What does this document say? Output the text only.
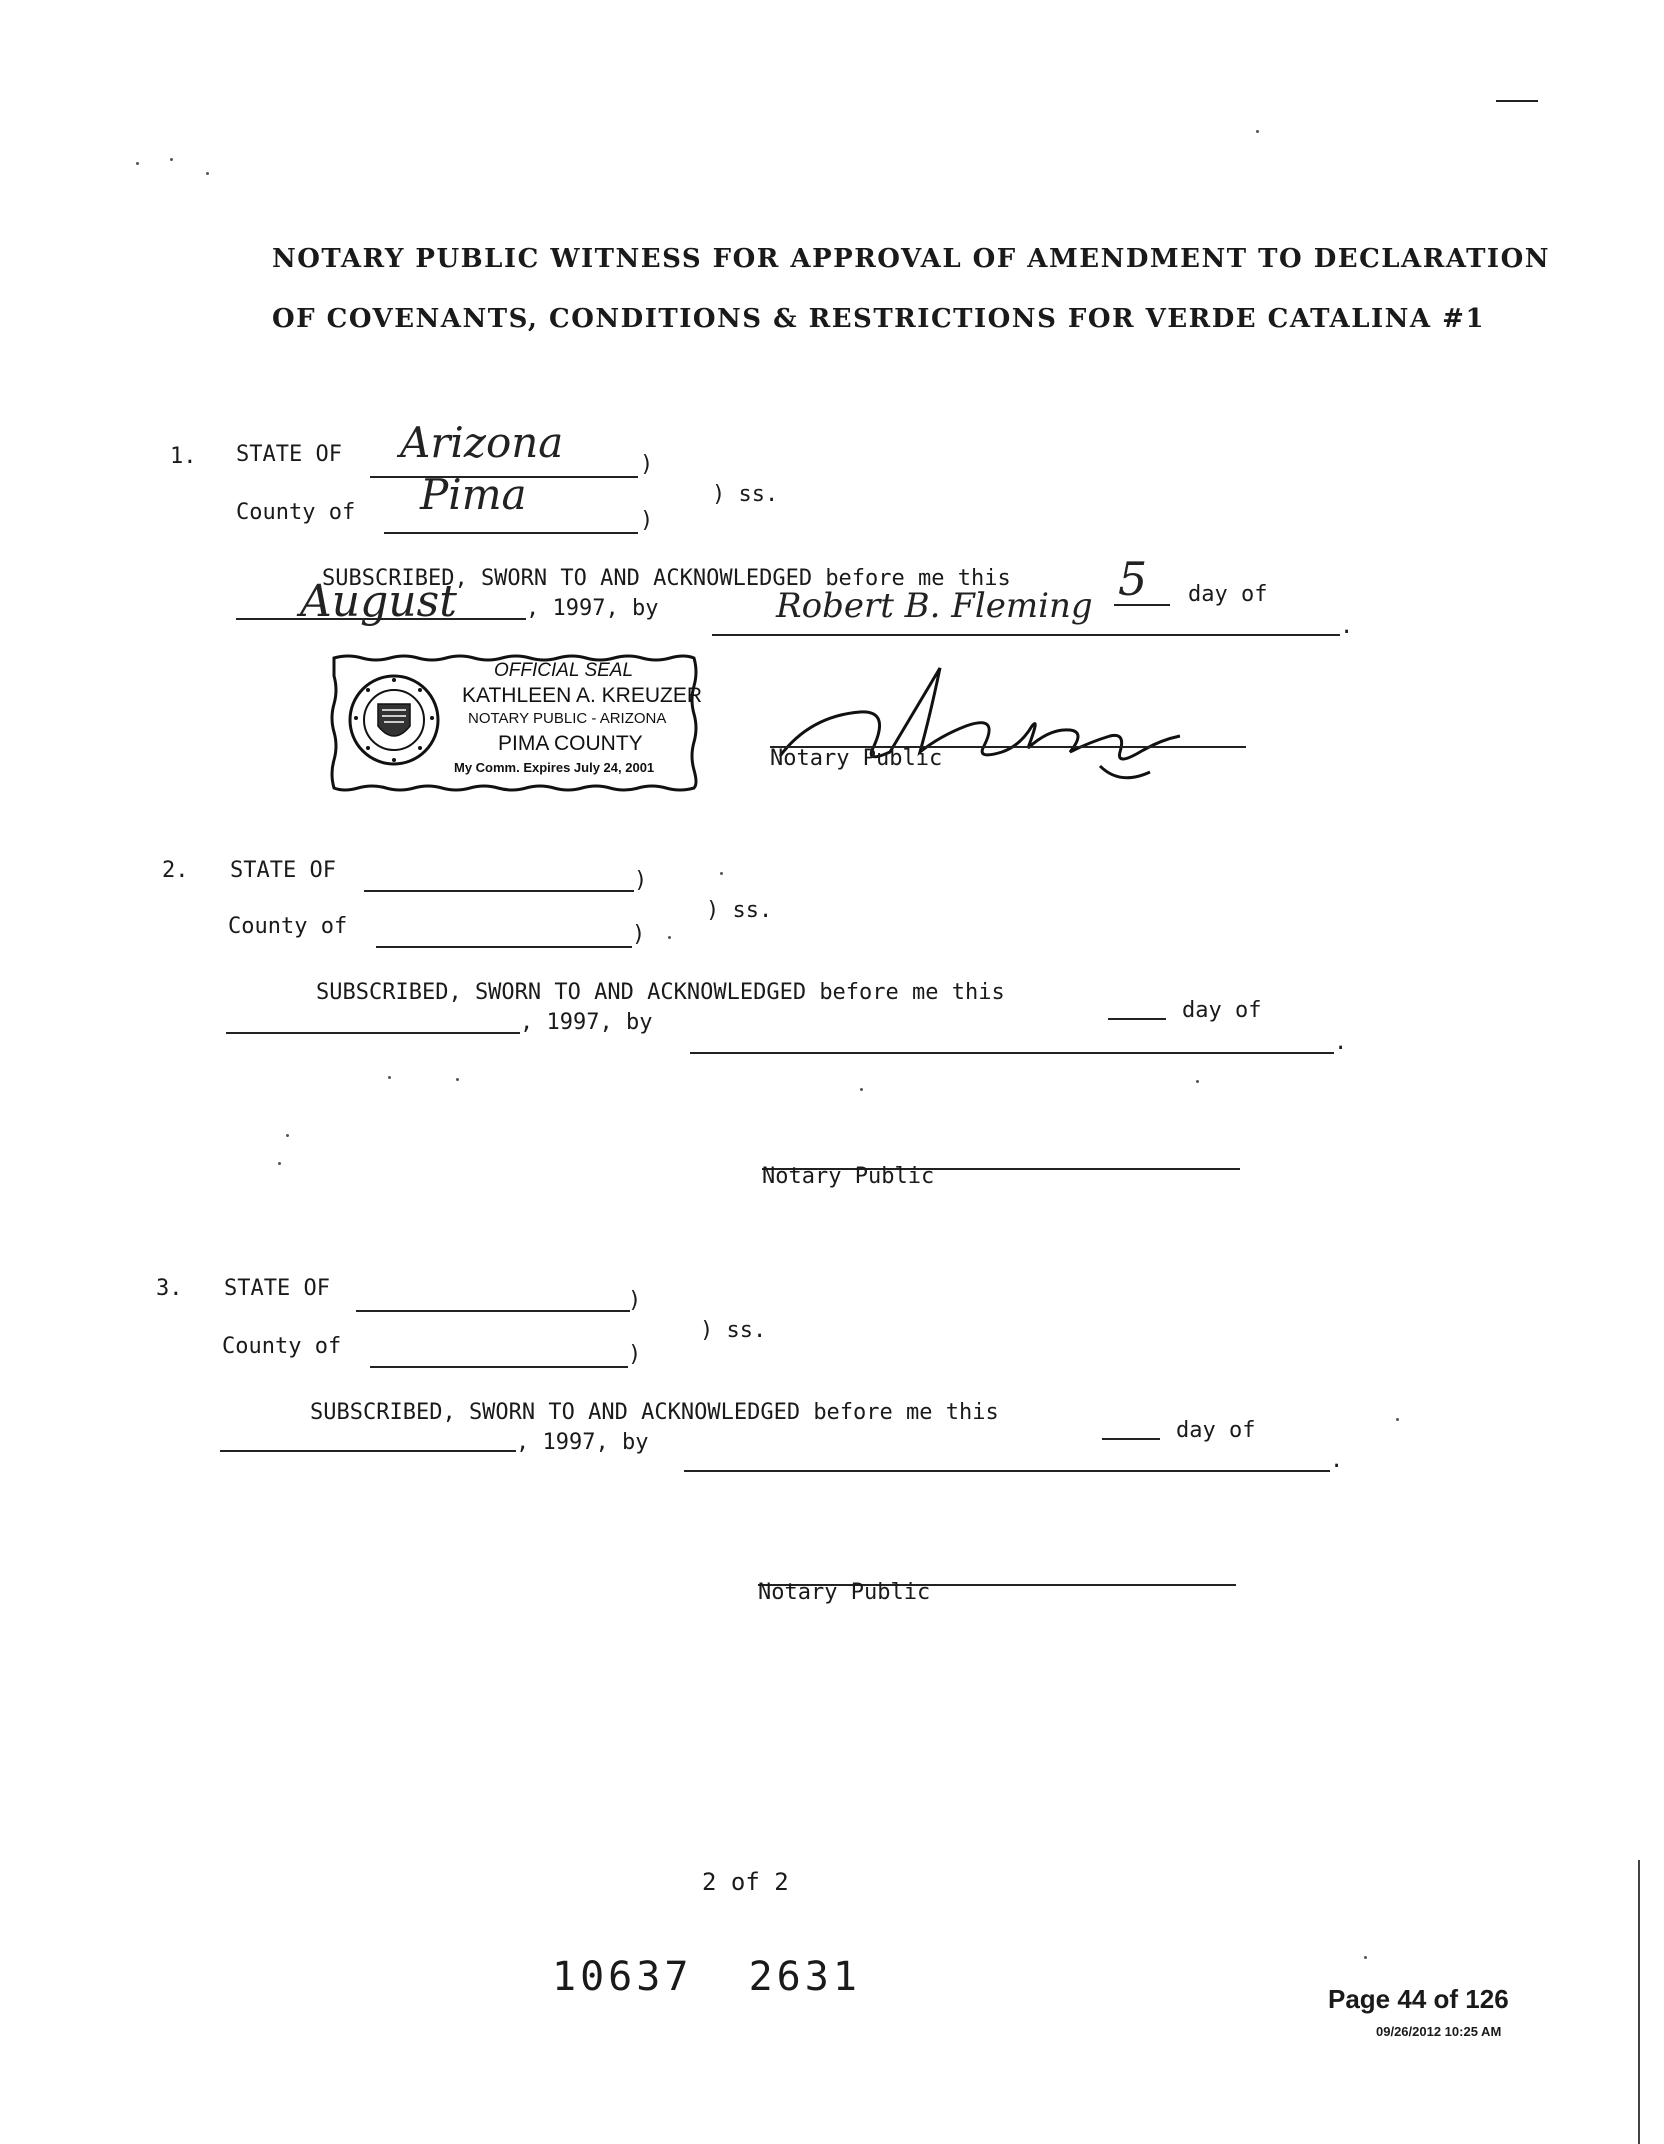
NOTARY PUBLIC WITNESS FOR APPROVAL OF AMENDMENT TO DECLARATION
OF COVENANTS, CONDITIONS & RESTRICTIONS FOR VERDE CATALINA #1
1. STATE OF Arizona	)
County of Pima
)
) ss.
SUBSCRIBED, SWORN TO AND ACKNOWLEDGED before me this 5 day of
August	, 1997, by	Robert B. Fleming
.
OFFICIAL SEAL
KATHLEEN A. KREUZER
NOTARY PUBLIC - ARIZONA
PIMA COUNTY
My Comm. Expires July 24, 2001	Notary Public
2. STATE OF	)
County of	)
) ss.
SUBSCRIBED, SWORN TO AND ACKNOWLEDGED before me this
day of
, 1997, by
.
Notary Public
3. STATE OF	)
County of	)
) ss.
SUBSCRIBED, SWORN TO AND ACKNOWLEDGED before me this
day of
, 1997, by
.
Notary Public
2 of 2
10637  2631	Page 44 of 126
09/26/2012 10:25 AM
